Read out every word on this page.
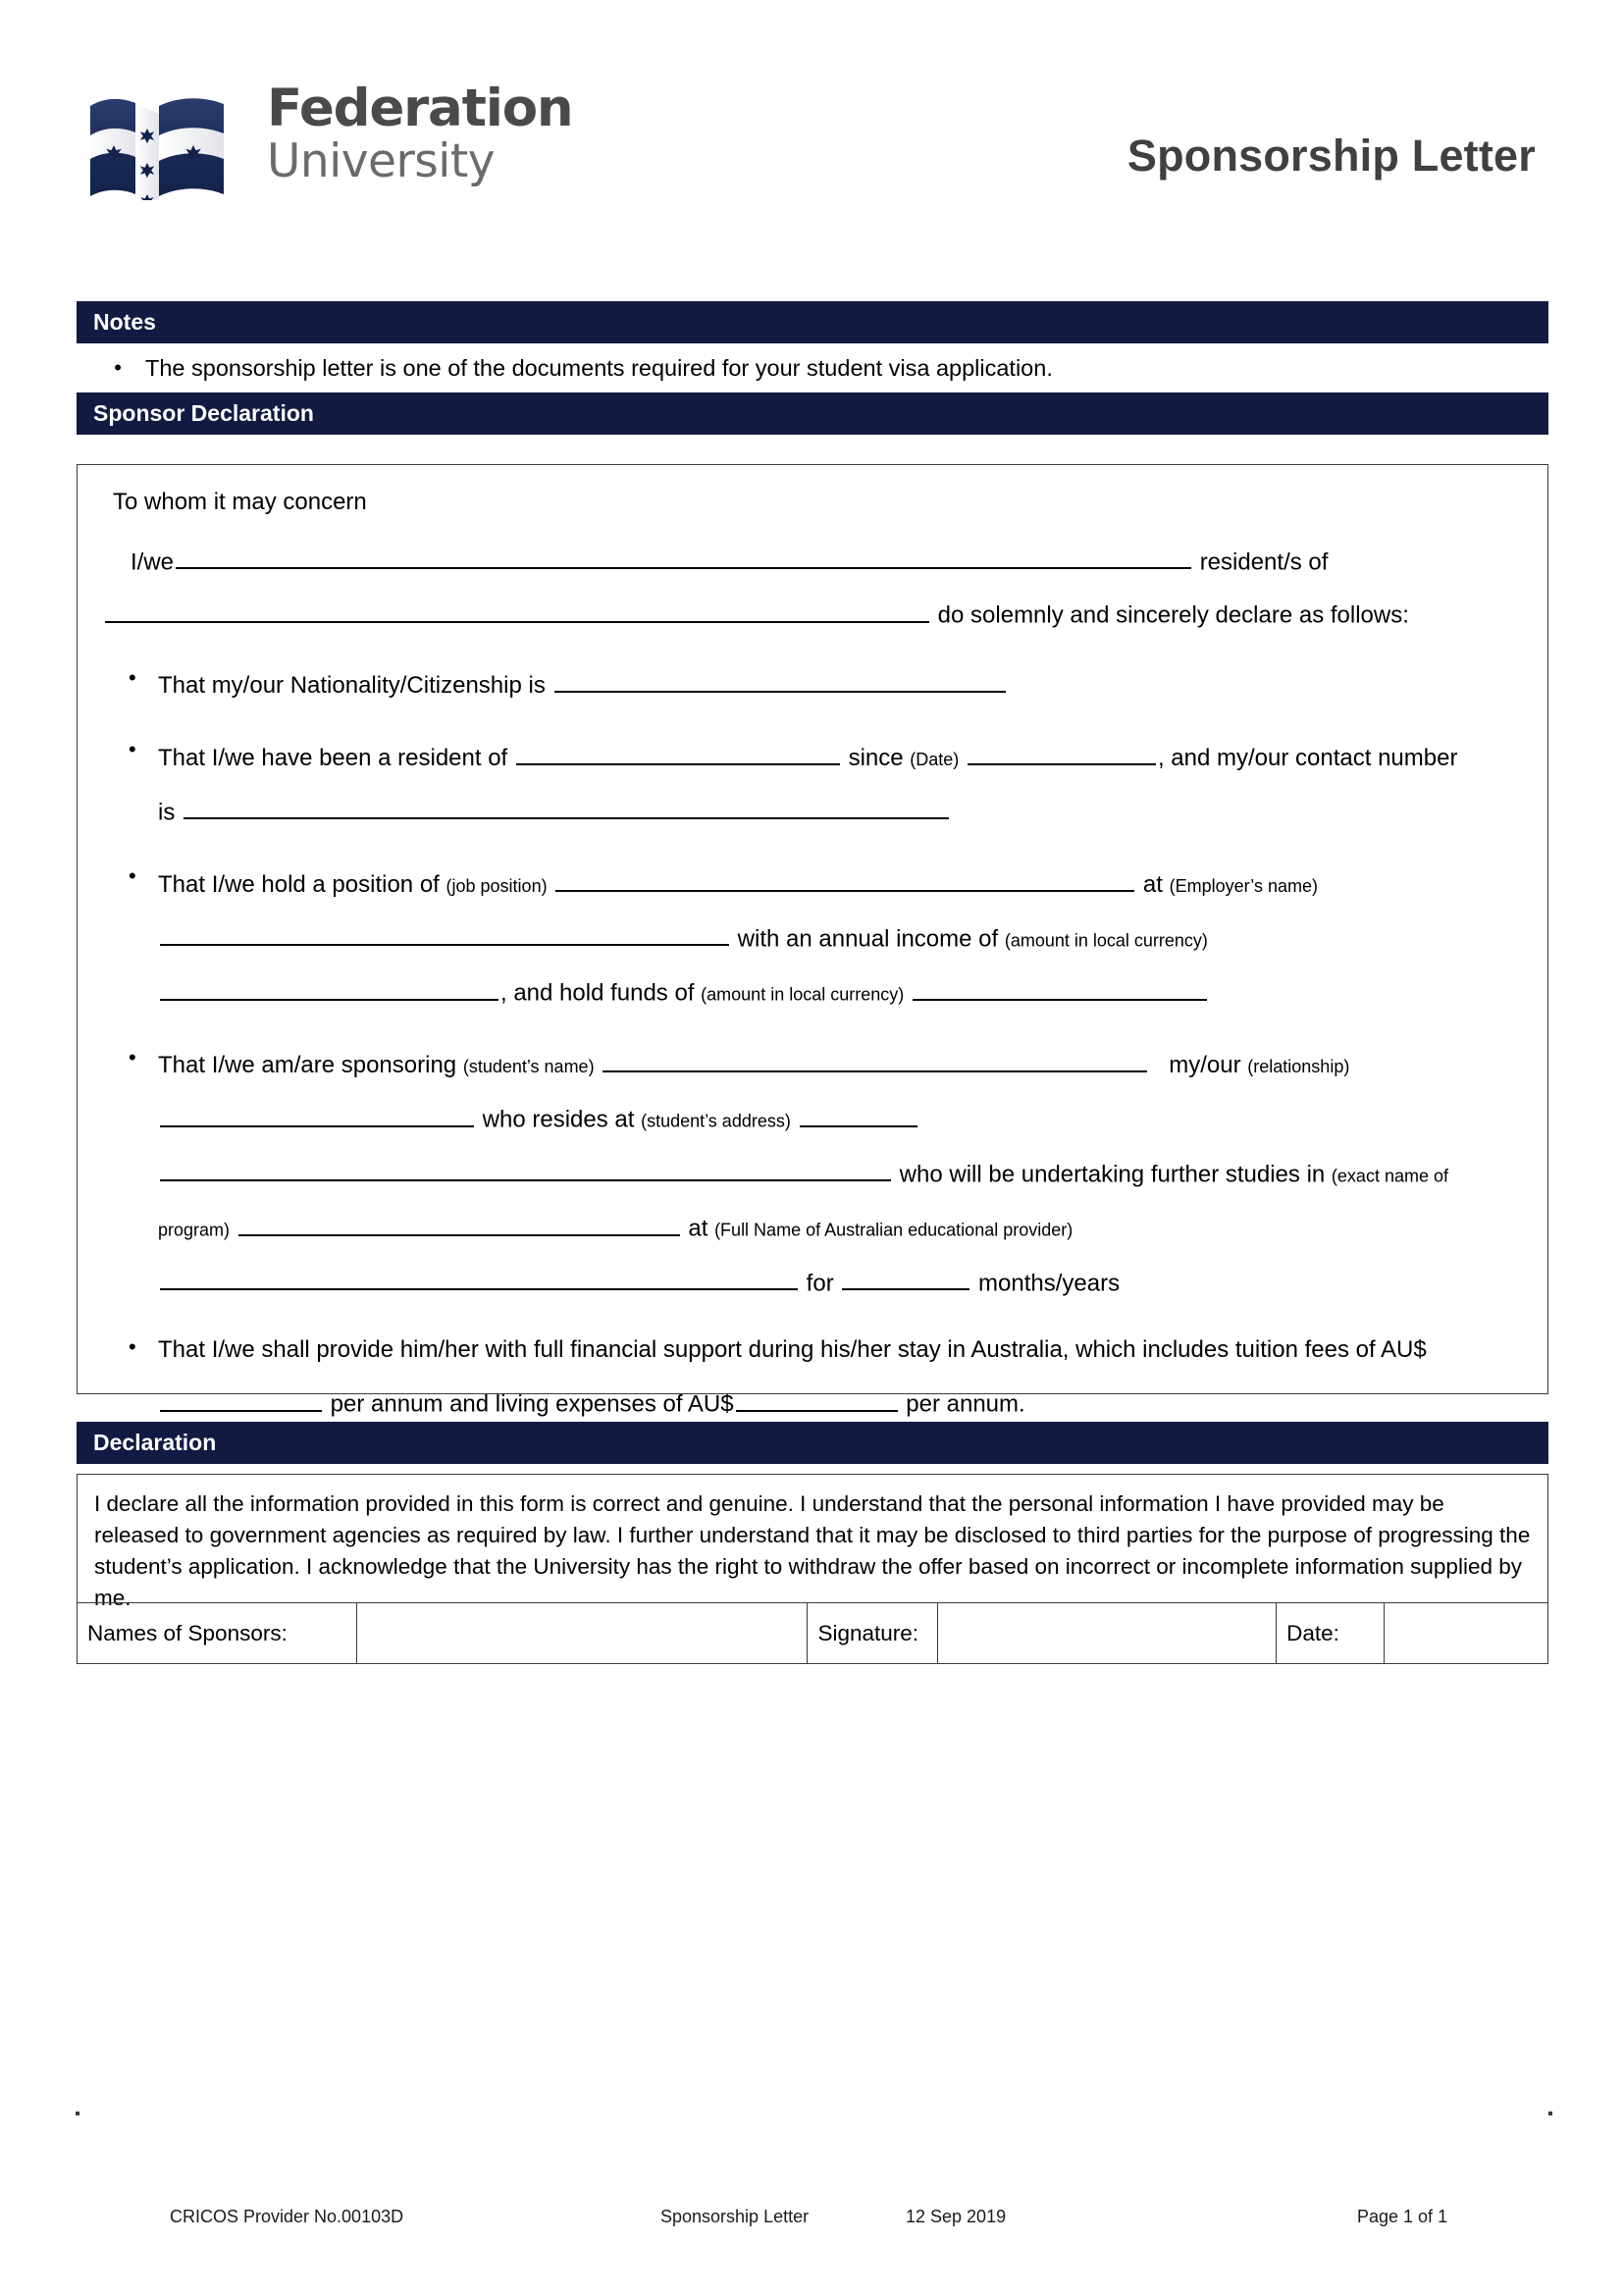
Federation
University	Sponsorship Letter
Notes
•	The sponsorship letter is one of the documents required for your student visa application.
Sponsor Declaration
To whom it may concern
I/we	resident/s of
do solemnly and sincerely declare as follows:
• That my/our Nationality/Citizenship is
• That I/we have been a resident of	since (Date)	, and my/our contact number
is
• That I/we hold a position of (job position)	at (Employer’s name)
with an annual income of (amount in local currency)
, and hold funds of (amount in local currency)
• That I/we am/are sponsoring (student’s name)	my/our (relationship)
who resides at (student’s address)
who will be undertaking further studies in (exact name of
program)	at (Full Name of Australian educational provider)
for	months/years
• That I/we shall provide him/her with full financial support during his/her stay in Australia, which includes tuition fees of AU$
per annum and living expenses of AU$	per annum.
Declaration
I declare all the information provided in this form is correct and genuine. I understand that the personal information I have provided may be released to government agencies as required by law. I further understand that it may be disclosed to third parties for the purpose of progressing the student’s application. I acknowledge that the University has the right to withdraw the offer based on incorrect or incomplete information supplied by me.
Names of Sponsors:		Signature:		Date:	
CRICOS Provider No.00103D	Sponsorship Letter	12 Sep 2019	Page 1 of 1
